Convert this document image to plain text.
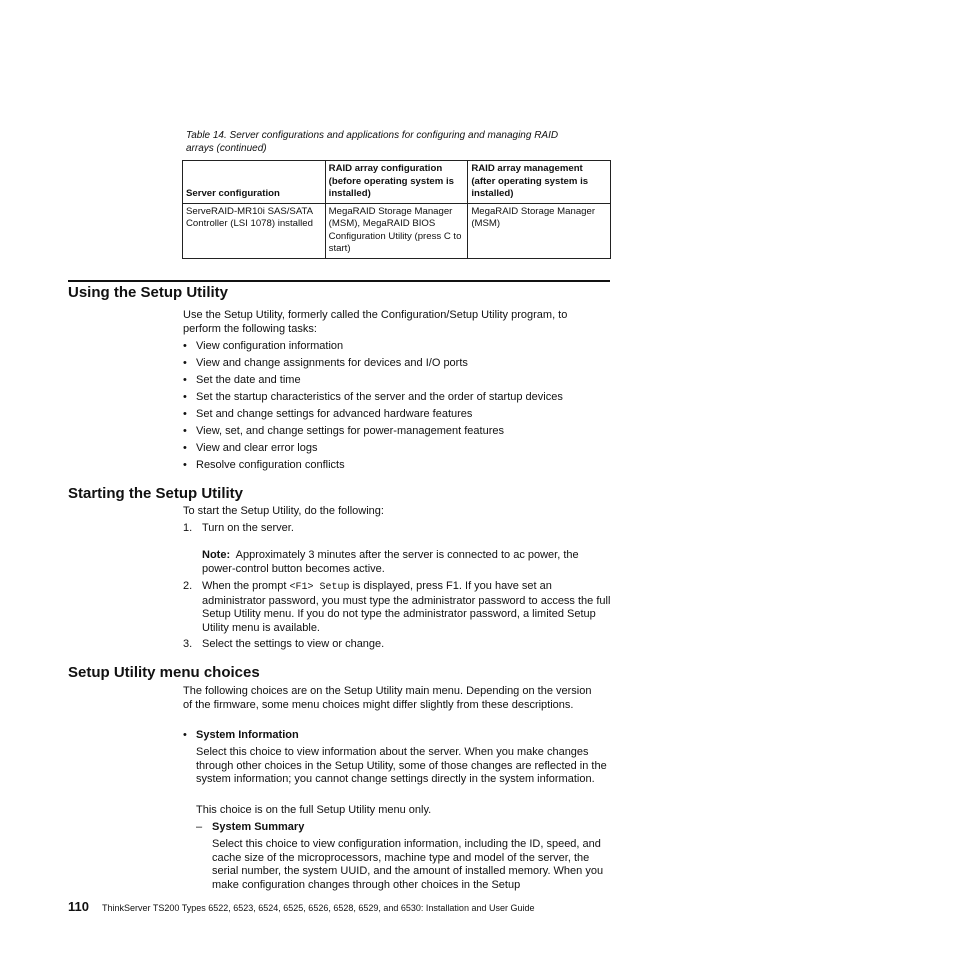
Table 14. Server configurations and applications for configuring and managing RAID arrays (continued)
Server configuration	RAID array configuration (before operating system is installed)	RAID array management (after operating system is installed)
ServeRAID-MR10i SAS/SATA Controller (LSI 1078) installed	MegaRAID Storage Manager (MSM), MegaRAID BIOS Configuration Utility (press C to start)	MegaRAID Storage Manager (MSM)
Using the Setup Utility
Use the Setup Utility, formerly called the Configuration/Setup Utility program, to perform the following tasks:
• View configuration information
• View and change assignments for devices and I/O ports
• Set the date and time
• Set the startup characteristics of the server and the order of startup devices
• Set and change settings for advanced hardware features
• View, set, and change settings for power-management features
• View and clear error logs
• Resolve configuration conflicts
Starting the Setup Utility
To start the Setup Utility, do the following:
1. Turn on the server.
Note: Approximately 3 minutes after the server is connected to ac power, the power-control button becomes active.
2. When the prompt <F1> Setup is displayed, press F1. If you have set an administrator password, you must type the administrator password to access the full Setup Utility menu. If you do not type the administrator password, a limited Setup Utility menu is available.
3. Select the settings to view or change.
Setup Utility menu choices
The following choices are on the Setup Utility main menu. Depending on the version of the firmware, some menu choices might differ slightly from these descriptions.
• System Information
Select this choice to view information about the server. When you make changes through other choices in the Setup Utility, some of those changes are reflected in the system information; you cannot change settings directly in the system information.
This choice is on the full Setup Utility menu only.
– System Summary
Select this choice to view configuration information, including the ID, speed, and cache size of the microprocessors, machine type and model of the server, the serial number, the system UUID, and the amount of installed memory. When you make configuration changes through other choices in the Setup
110 ThinkServer TS200 Types 6522, 6523, 6524, 6525, 6526, 6528, 6529, and 6530: Installation and User Guide
